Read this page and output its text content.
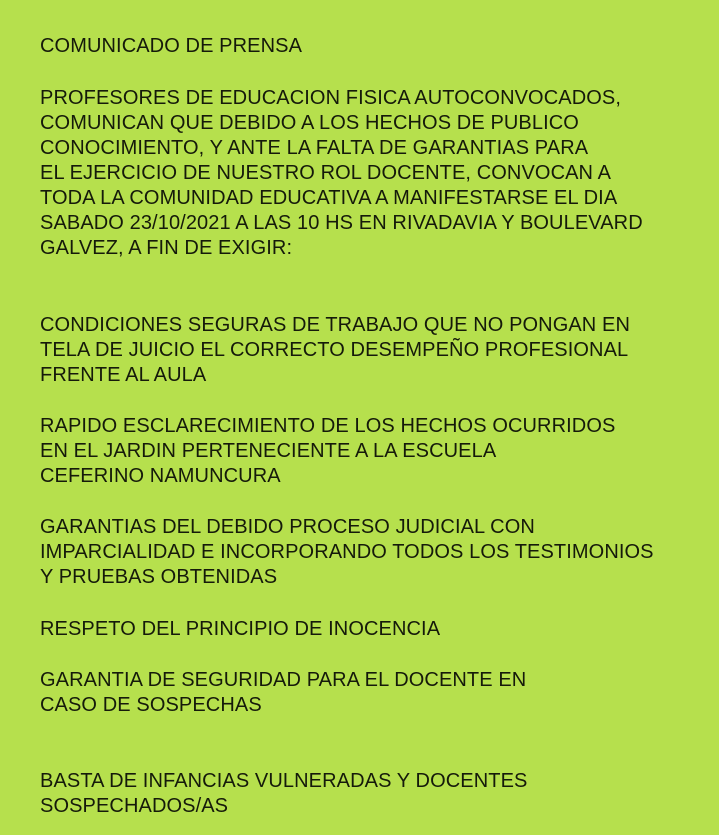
COMUNICADO DE PRENSA
PROFESORES DE EDUCACION FISICA AUTOCONVOCADOS,
COMUNICAN QUE DEBIDO A LOS HECHOS DE PUBLICO
CONOCIMIENTO, Y ANTE LA FALTA DE GARANTIAS PARA
EL EJERCICIO DE NUESTRO ROL DOCENTE, CONVOCAN A
TODA LA COMUNIDAD EDUCATIVA A MANIFESTARSE EL DIA
SABADO 23/10/2021 A LAS 10 HS EN RIVADAVIA Y BOULEVARD
GALVEZ, A FIN DE EXIGIR:
CONDICIONES SEGURAS DE TRABAJO QUE NO PONGAN EN
TELA DE JUICIO EL CORRECTO DESEMPEÑO PROFESIONAL
FRENTE AL AULA
RAPIDO ESCLARECIMIENTO DE LOS HECHOS OCURRIDOS
EN EL JARDIN PERTENECIENTE A LA ESCUELA
CEFERINO NAMUNCURA
GARANTIAS DEL DEBIDO PROCESO JUDICIAL CON
IMPARCIALIDAD E INCORPORANDO TODOS LOS TESTIMONIOS
Y PRUEBAS OBTENIDAS
RESPETO DEL PRINCIPIO DE INOCENCIA
GARANTIA DE SEGURIDAD PARA EL DOCENTE EN
CASO DE SOSPECHAS
BASTA DE INFANCIAS VULNERADAS Y DOCENTES
SOSPECHADOS/AS
